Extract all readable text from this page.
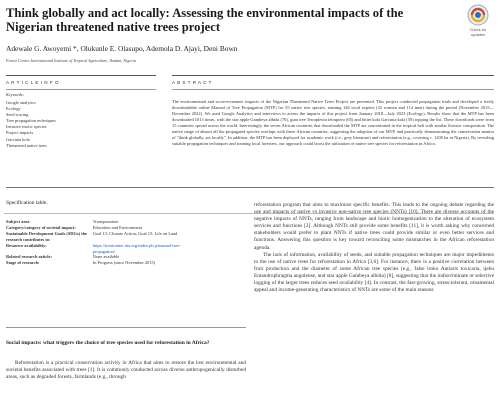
Think globally and act locally: Assessing the environmental impacts of the Nigerian threatened native trees project	Check for
updates
Adewale G. Awoyemi *, Olukunle E. Olasupo, Ademola D. Ajayi, Deni Bown
Forest Center, International Institute of Tropical Agriculture, Ibadan, Nigeria
A R T I C L E I N F O	A B S T R A C T
Keywords:
Google analytics
Ecology
Seed sowing
Tree propagation techniques
Invasive exotic species
Project impacts
Garcinia kola
Threatened native trees
The environmental and socio-economic impacts of the Nigerian Threatened Native Trees Project are presented. This project conducted propagation trials and developed a freely downloadable online Manual of Tree Propagation (MTP) for 55 native tree species, training 146 local experts (32 women and 114 men) during the period (November 2015—December 2022). We used Google Analytics and interviews to assess the impacts of this project from January 2018—July 2023 (Ecology). Results show that the MTP has been downloaded 1013 times, with the star apple Gambeya albida (76), gum tree Tetrapleura tetraptera (65) and bitter kola Garcinia kola (50) topping the list. These downloads were from 15 countries spread across the world. Interestingly, the seven African countries that downloaded the MTP are concentrated in the tropical belt with similar floristic composition. The native range of almost all the propagated species overlaps with these African countries, suggesting the adoption of our MTP, and practically demonstrating the conservation mantra of "think globally, act locally". In addition, the MTP has been deployed for academic work (i.e., grey literature) and reforestation (e.g., covering c. 1200 ha in Nigeria). By revealing suitable propagation techniques and training local foresters, our approach could boost the utilization of native tree species for reforestation in Africa.
Specification table.
Subject area	Transportation
Category/category of societal impact:	Education and Environment
Sustainable Development Goals (SDGs) the research contributes to:	Goal 13: Climate Action; Goal 15: Life on Land
Resource availability:	https://trentcenter.iita.org/index.ph p/manual-tree-propagation/
Related research article:	None available
Stage of research:	In Progress (since November 2015)
Social impacts: what triggers the choice of tree species used for reforestation in Africa?
Reforestation is a practical conservation activity in Africa that aims to restore the lost environmental and societal benefits associated with trees [1]. It is commonly conducted across diverse anthropogenically disturbed areas, such as degraded forests, farmlands (e.g., through

reforestation program that aims to maximize specific benefits. This leads to the ongoing debate regarding the use and impacts of native vs invasive non-native tree species (NNTs) [10]. There are diverse accounts of the negative impacts of NNTs, ranging from landscape and biotic homogenization to the alteration of ecosystem services and functions [2]. Although NNTs still provide some benefits [11], it is worth asking why concerned stakeholders would prefer to plant NNTs if native trees could provide similar or even better services and functions. Answering this question is key toward reconciling some mismatches in the African reforestation agenda.

The lack of information, availability of seeds, and suitable propagation techniques are major impediments to the use of native trees for reforestation in Africa [3,6]. For instance, there is a positive correlation between fruit production and the diameter of some African tree species (e.g., false iroko Antiaris toxicaria, ijebu Entandrophragma angolense, and star apple Gambeya albida) [8], suggesting that the indiscriminate or selective logging of the larger trees reduces seed availability [4]. In contrast, the fast-growing, stress-tolerant, ornamental appeal and income-generating characteristics of NNTs are some of the main reasons
